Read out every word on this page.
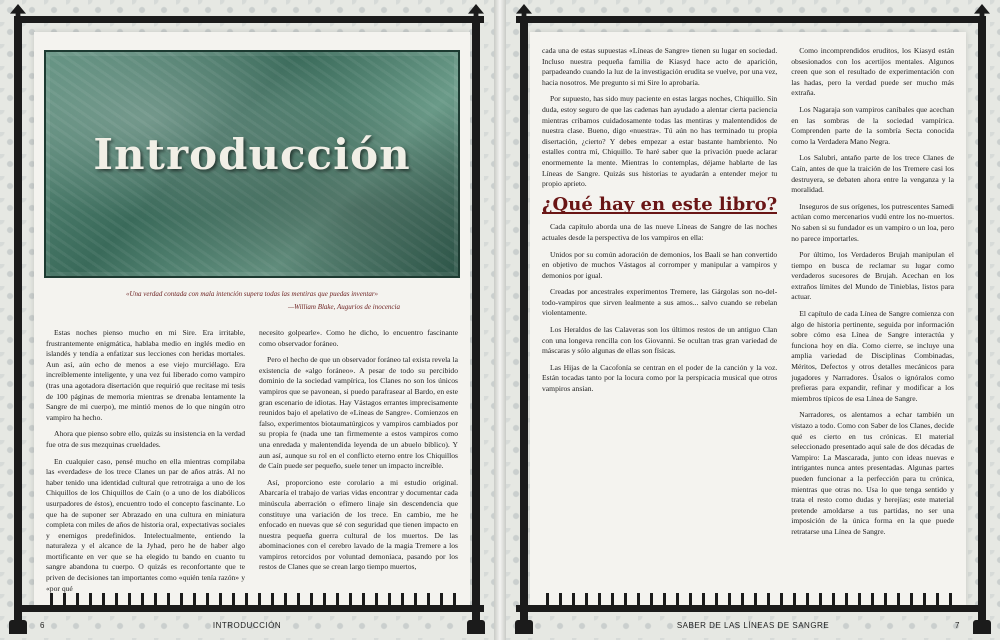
Introducción
«Una verdad contada con mala intención supera todas las mentiras que puedas inventar»
—William Blake, Augurios de inocencia

Estas noches pienso mucho en mi Sire. Era irritable, frustrantemente enigmática, hablaba medio en inglés medio en islandés y tendía a enfatizar sus lecciones con heridas mortales. Aun así, aún echo de menos a ese viejo murciélago. Era increíblemente inteligente, y una vez fui liberado como vampiro (tras una agotadora disertación que requirió que recitase mi tesis de 100 páginas de memoria mientras se drenaba lentamente la Sangre de mi cuerpo), me mintió menos de lo que ningún otro vampiro ha hecho.

Ahora que pienso sobre ello, quizás su insistencia en la verdad fue otra de sus mezquinas crueldades.

En cualquier caso, pensé mucho en ella mientras compilaba las «verdades» de los trece Clanes un par de años atrás. Al no haber tenido una identidad cultural que retrotraiga a uno de los Chiquillos de los Chiquillos de Caín (o a uno de los diabólicos usurpadores de éstos), encuentro todo el concepto fascinante. Lo que ha de suponer ser Abrazado en una cultura en miniatura completa con miles de años de historia oral, expectativas sociales y enemigos predefinidos. Intelectualmente, entiendo la naturaleza y el alcance de la Jyhad, pero he de haber algo mortificante en ver que se ha elegido tu bando en cuanto tu sangre abandona tu cuerpo. O quizás es reconfortante que te priven de decisiones tan importantes como «quién tenía razón» y «por qué

necesito golpearle». Como he dicho, lo encuentro fascinante como observador foráneo.

Pero el hecho de que un observador foráneo tal exista revela la existencia de «algo foráneo». A pesar de todo su percibido dominio de la sociedad vampírica, los Clanes no son los únicos vampiros que se pavonean, si puedo parafrasear al Bardo, en este gran escenario de idiotas. Hay Vástagos errantes imprecisamente reunidos bajo el apelativo de «Líneas de Sangre». Comienzos en falso, experimentos biotaumatúrgicos y vampiros cambiados por su propia fe (nada une tan firmemente a estos vampiros como una enredada y malentendida leyenda de un abuelo bíblico). Y aun así, aunque su rol en el conflicto eterno entre los Chiquillos de Caín puede ser pequeño, suele tener un impacto increíble.

Así, proporciono este corolario a mi estudio original. Abarcaría el trabajo de varias vidas encontrar y documentar cada minúscula aberración o efímero linaje sin descendencia que constituye una variación de los trece. En cambio, me he enfocado en nuevas que sé con seguridad que tienen impacto en nuestra pequeña guerra cultural de los muertos. De las abominaciones con el cerebro lavado de la magia Tremere a los vampiros retorcidos por voluntad demoníaca, pasando por los restos de Clanes que se crean largo tiempo muertos,

6	INTRODUCCIÓN

cada una de estas supuestas «Líneas de Sangre» tienen su lugar en sociedad. Incluso nuestra pequeña familia de Kiasyd hace acto de aparición, parpadeando cuando la luz de la investigación erudita se vuelve, por una vez, hacia nosotros. Me pregunto si mi Sire lo aprobaría.

Por supuesto, has sido muy paciente en estas largas noches, Chiquillo. Sin duda, estoy seguro de que las cadenas han ayudado a alentar cierta paciencia mientras cribamos cuidadosamente todas las mentiras y malentendidos de nuestra clase. Bueno, digo «nuestra». Tú aún no has terminado tu propia disertación, ¿cierto? Y debes empezar a estar bastante hambriento. No estalles contra mí, Chiquillo. Te haré saber que la privación puede aclarar enormemente la mente. Mientras lo contemplas, déjame hablarte de las Líneas de Sangre. Quizás sus historias te ayudarán a entender mejor tu propio aprieto.

¿Qué hay en este libro?

Cada capítulo aborda una de las nueve Líneas de Sangre de las noches actuales desde la perspectiva de los vampiros en ella:

Unidos por su común adoración de demonios, los Baali se han convertido en objetivo de muchos Vástagos al corromper y manipular a vampiros y demonios por igual.

Creadas por ancestrales experimentos Tremere, las Gárgolas son no-del-todo-vampiros que sirven lealmente a sus amos... salvo cuando se rebelan violentamente.

Los Heraldos de las Calaveras son los últimos restos de un antiguo Clan con una longeva rencilla con los Giovanni. Se ocultan tras gran variedad de máscaras y sólo algunas de ellas son físicas.

Las Hijas de la Cacofonía se centran en el poder de la canción y la voz. Están tocadas tanto por la locura como por la perspicacia musical que otros vampiros ansían.

Como incomprendidos eruditos, los Kiasyd están obsesionados con los acertijos mentales. Algunos creen que son el resultado de experimentación con las hadas, pero la verdad puede ser mucho más extraña.

Los Nagaraja son vampiros caníbales que acechan en las sombras de la sociedad vampírica. Comprenden parte de la sombría Secta conocida como la Verdadera Mano Negra.

Los Salubri, antaño parte de los trece Clanes de Caín, antes de que la traición de los Tremere casi los destruyera, se debaten ahora entre la venganza y la moralidad.

Inseguros de sus orígenes, los putrescentes Samedi actúan como mercenarios vudú entre los no-muertos. No saben si su fundador es un vampiro o un loa, pero no parece importarles.

Por último, los Verdaderos Brujah manipulan el tiempo en busca de reclamar su lugar como verdaderos sucesores de Brujah. Acechan en los extraños límites del Mundo de Tinieblas, listos para actuar.

El capítulo de cada Línea de Sangre comienza con algo de historia pertinente, seguida por información sobre cómo esa Línea de Sangre interactúa y funciona hoy en día. Como cierre, se incluye una amplia variedad de Disciplinas Combinadas, Méritos, Defectos y otros detalles mecánicos para jugadores y Narradores. Úsalos o ignóralos como prefieras para expandir, refinar y modificar a los miembros típicos de esa Línea de Sangre.

Narradores, os alentamos a echar también un vistazo a todo. Como con Saber de los Clanes, decide qué es cierto en tus crónicas. El material seleccionado presentado aquí sale de dos décadas de Vampiro: La Mascarada, junto con ideas nuevas e intrigantes nunca antes presentadas. Algunas partes pueden funcionar a la perfección para tu crónica, mientras que otras no. Usa lo que tenga sentido y trata el resto como dudas y herejías; este material pretende amoldarse a tus partidas, no ser una imposición de la única forma en la que puede retratarse una Línea de Sangre.

SABER DE LAS LÍNEAS DE SANGRE	7
